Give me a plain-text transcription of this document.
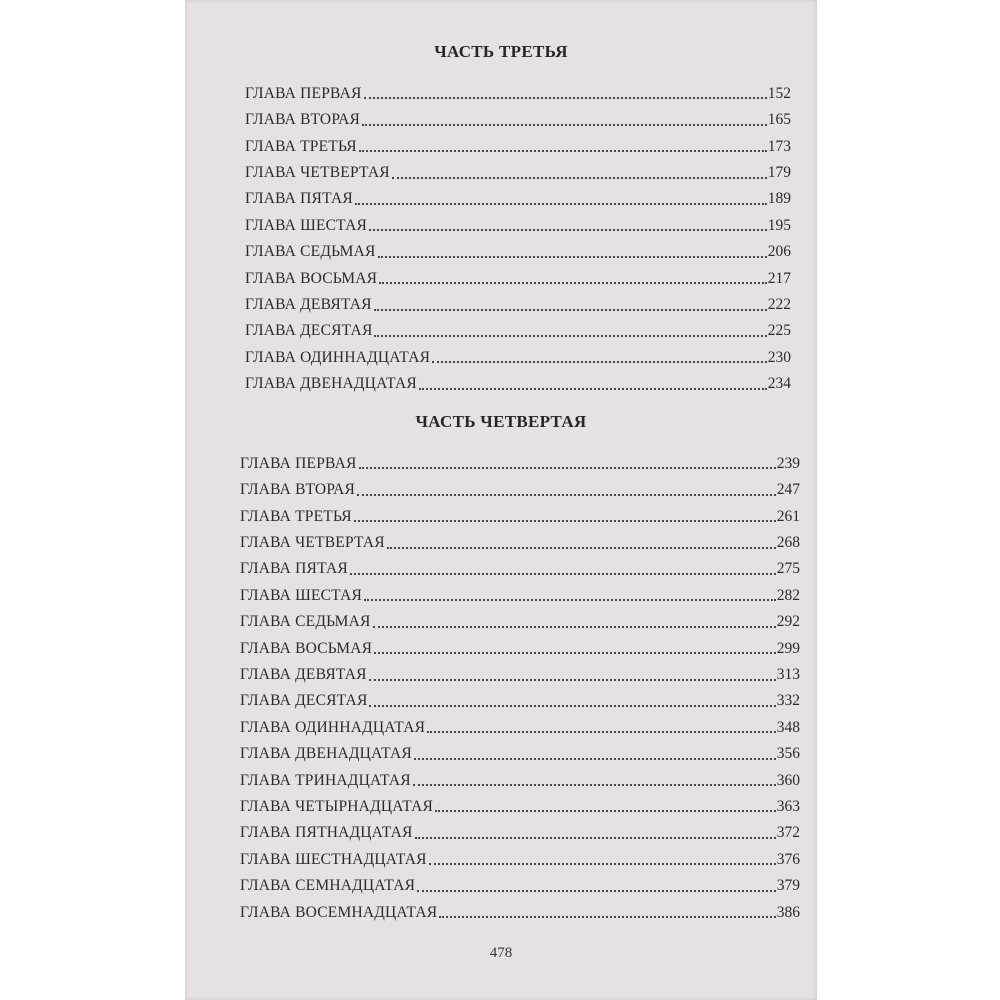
ЧАСТЬ ТРЕТЬЯ
ГЛАВА ПЕРВАЯ	152
ГЛАВА ВТОРАЯ	165
ГЛАВА ТРЕТЬЯ	173
ГЛАВА ЧЕТВЕРТАЯ	179
ГЛАВА ПЯТАЯ	189
ГЛАВА ШЕСТАЯ	195
ГЛАВА СЕДЬМАЯ	206
ГЛАВА ВОСЬМАЯ	217
ГЛАВА ДЕВЯТАЯ	222
ГЛАВА ДЕСЯТАЯ	225
ГЛАВА ОДИННАДЦАТАЯ	230
ГЛАВА ДВЕНАДЦАТАЯ	234
ЧАСТЬ ЧЕТВЕРТАЯ
ГЛАВА ПЕРВАЯ	239
ГЛАВА ВТОРАЯ	247
ГЛАВА ТРЕТЬЯ	261
ГЛАВА ЧЕТВЕРТАЯ	268
ГЛАВА ПЯТАЯ	275
ГЛАВА ШЕСТАЯ	282
ГЛАВА СЕДЬМАЯ	292
ГЛАВА ВОСЬМАЯ	299
ГЛАВА ДЕВЯТАЯ	313
ГЛАВА ДЕСЯТАЯ	332
ГЛАВА ОДИННАДЦАТАЯ	348
ГЛАВА ДВЕНАДЦАТАЯ	356
ГЛАВА ТРИНАДЦАТАЯ	360
ГЛАВА ЧЕТЫРНАДЦАТАЯ	363
ГЛАВА ПЯТНАДЦАТАЯ	372
ГЛАВА ШЕСТНАДЦАТАЯ	376
ГЛАВА СЕМНАДЦАТАЯ	379
ГЛАВА ВОСЕМНАДЦАТАЯ	386
478
